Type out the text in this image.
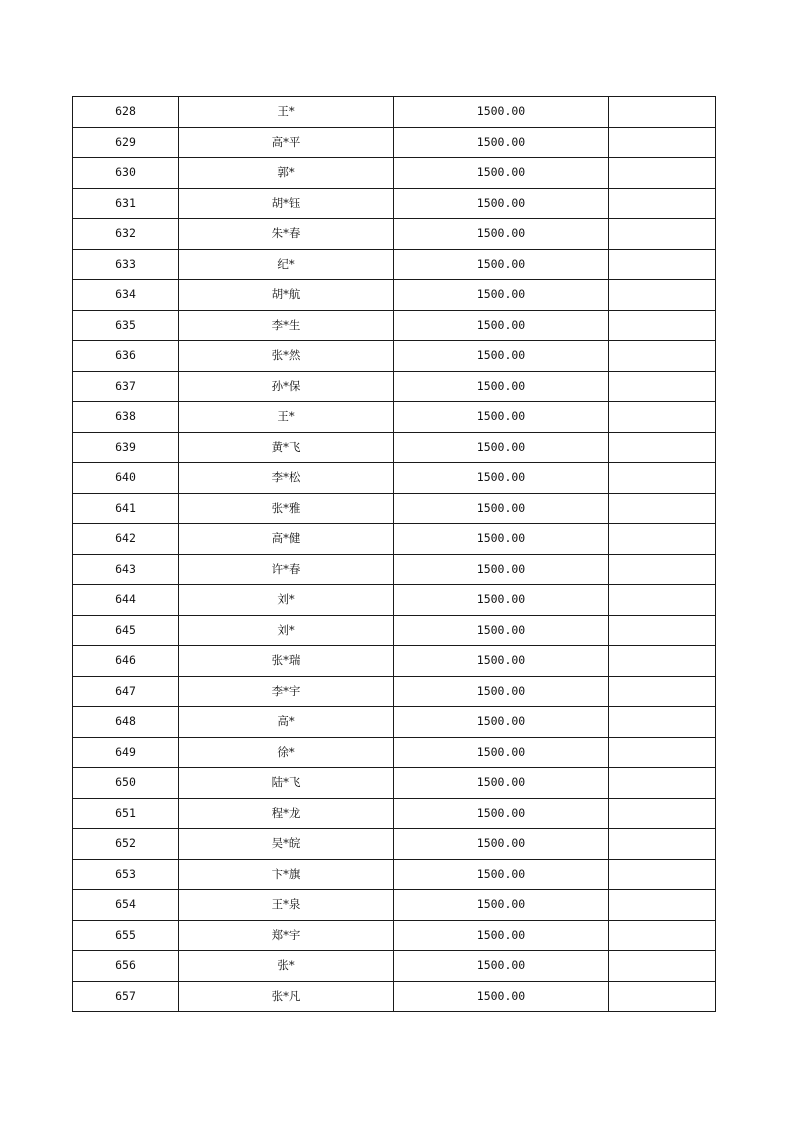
628	王*	1500.00	
629	高*平	1500.00	
630	郭*	1500.00	
631	胡*钰	1500.00	
632	朱*春	1500.00	
633	纪*	1500.00	
634	胡*航	1500.00	
635	李*生	1500.00	
636	张*然	1500.00	
637	孙*保	1500.00	
638	王*	1500.00	
639	黄*飞	1500.00	
640	李*松	1500.00	
641	张*雅	1500.00	
642	高*健	1500.00	
643	许*春	1500.00	
644	刘*	1500.00	
645	刘*	1500.00	
646	张*瑞	1500.00	
647	李*宇	1500.00	
648	高*	1500.00	
649	徐*	1500.00	
650	陆*飞	1500.00	
651	程*龙	1500.00	
652	吴*皖	1500.00	
653	卞*旗	1500.00	
654	王*泉	1500.00	
655	郑*宇	1500.00	
656	张*	1500.00	
657	张*凡	1500.00	
